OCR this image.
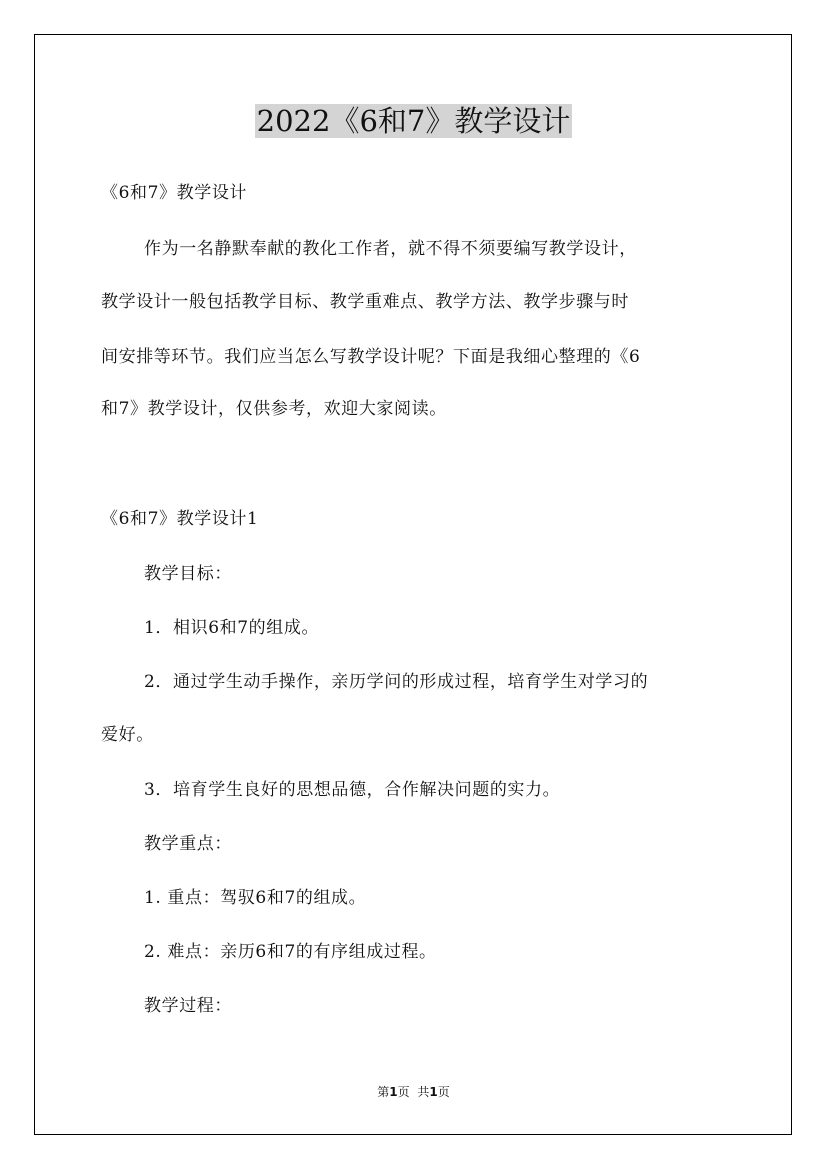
2022《6和7》教学设计
《6和7》教学设计
作为一名静默奉献的教化工作者，就不得不须要编写教学设计，
教学设计一般包括教学目标、教学重难点、教学方法、教学步骤与时
间安排等环节。我们应当怎么写教学设计呢？下面是我细心整理的《6
和7》教学设计，仅供参考，欢迎大家阅读。
《6和7》教学设计1
教学目标：
1．相识6和7的组成。
2．通过学生动手操作，亲历学问的形成过程，培育学生对学习的
爱好。
3．培育学生良好的思想品德，合作解决问题的实力。
教学重点：
1. 重点：驾驭6和7的组成。
2. 难点：亲历6和7的有序组成过程。
教学过程：
第1页 共1页
